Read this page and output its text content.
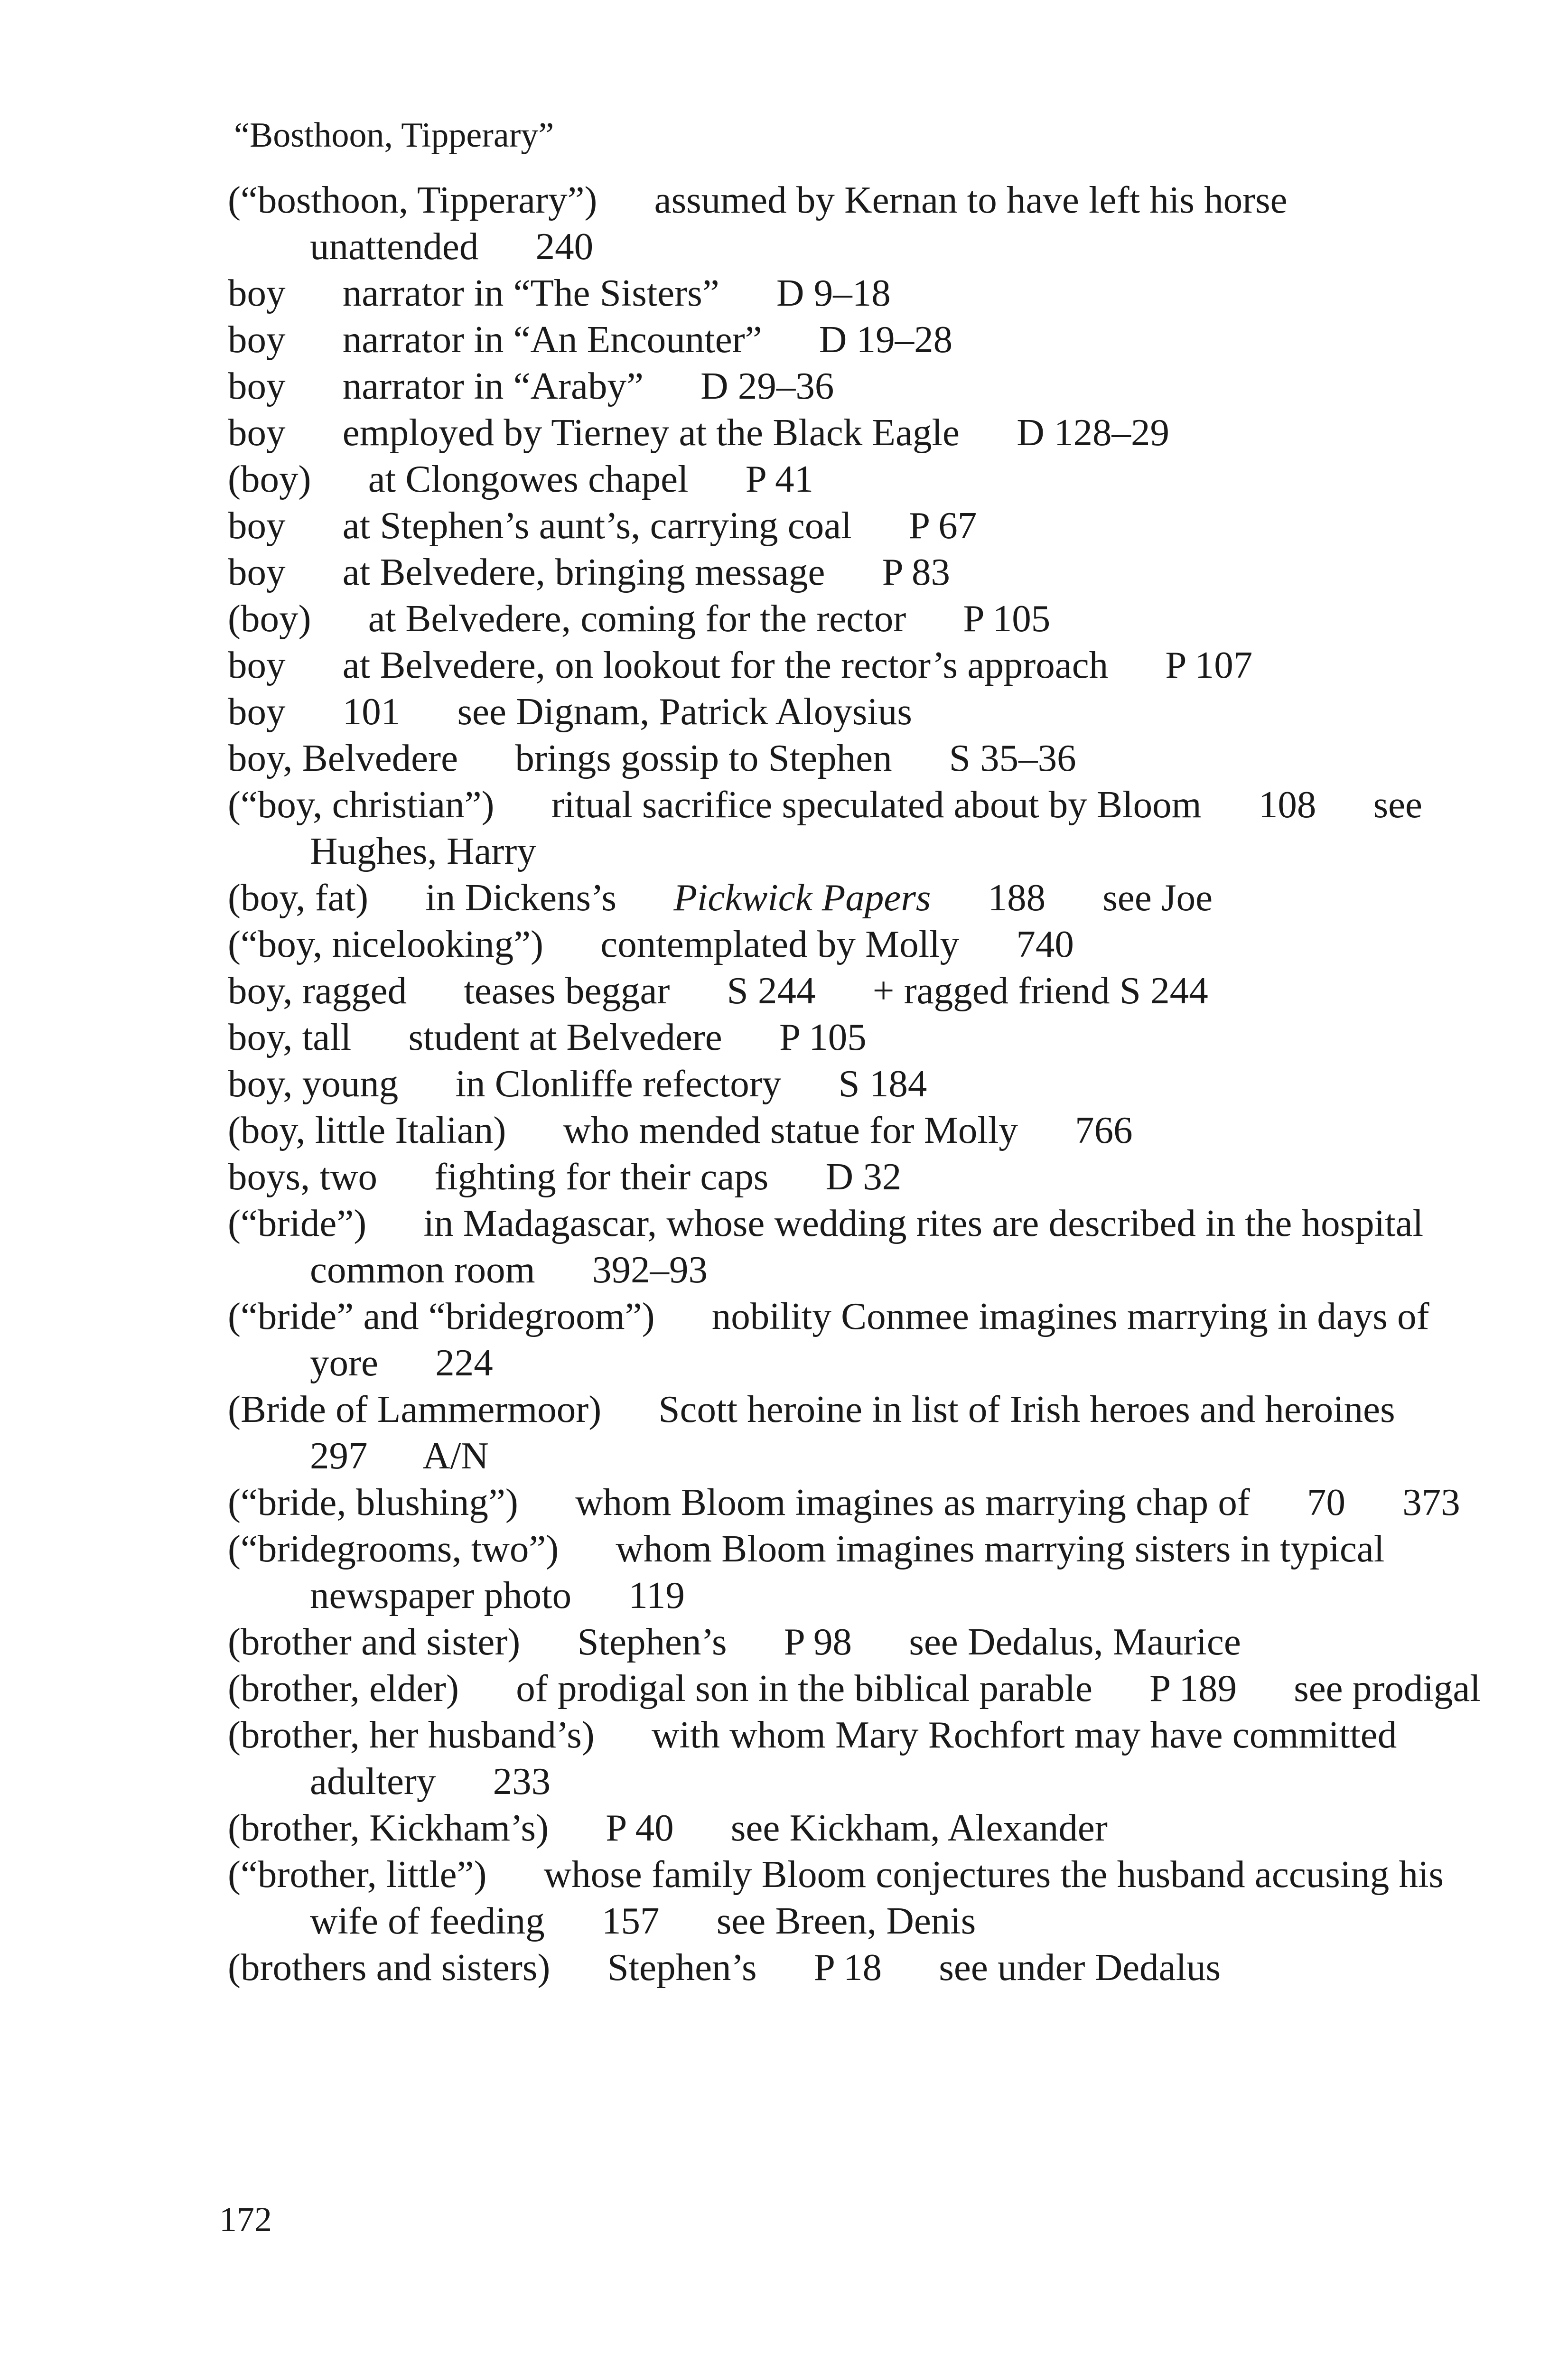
“Bosthoon, Tipperary”
(“bosthoon, Tipperary”) assumed by Kernan to have left his horse unattended 240
boy narrator in “The Sisters” D 9–18
boy narrator in “An Encounter” D 19–28
boy narrator in “Araby” D 29–36
boy employed by Tierney at the Black Eagle D 128–29
(boy) at Clongowes chapel P 41
boy at Stephen’s aunt’s, carrying coal P 67
boy at Belvedere, bringing message P 83
(boy) at Belvedere, coming for the rector P 105
boy at Belvedere, on lookout for the rector’s approach P 107
boy 101 see Dignam, Patrick Aloysius
boy, Belvedere brings gossip to Stephen S 35–36
(“boy, christian”) ritual sacrifice speculated about by Bloom 108 see Hughes, Harry
(boy, fat) in Dickens’s Pickwick Papers 188 see Joe
(“boy, nicelooking”) contemplated by Molly 740
boy, ragged teases beggar S 244 + ragged friend S 244
boy, tall student at Belvedere P 105
boy, young in Clonliffe refectory S 184
(boy, little Italian) who mended statue for Molly 766
boys, two fighting for their caps D 32
(“bride”) in Madagascar, whose wedding rites are described in the hospital common room 392–93
(“bride” and “bridegroom”) nobility Conmee imagines marrying in days of yore 224
(Bride of Lammermoor) Scott heroine in list of Irish heroes and heroines 297 A/N
(“bride, blushing”) whom Bloom imagines as marrying chap of 70 373
(“bridegrooms, two”) whom Bloom imagines marrying sisters in typical newspaper photo 119
(brother and sister) Stephen’s P 98 see Dedalus, Maurice
(brother, elder) of prodigal son in the biblical parable P 189 see prodigal
(brother, her husband’s) with whom Mary Rochfort may have committed adultery 233
(brother, Kickham’s) P 40 see Kickham, Alexander
(“brother, little”) whose family Bloom conjectures the husband accusing his wife of feeding 157 see Breen, Denis
(brothers and sisters) Stephen’s P 18 see under Dedalus
172
